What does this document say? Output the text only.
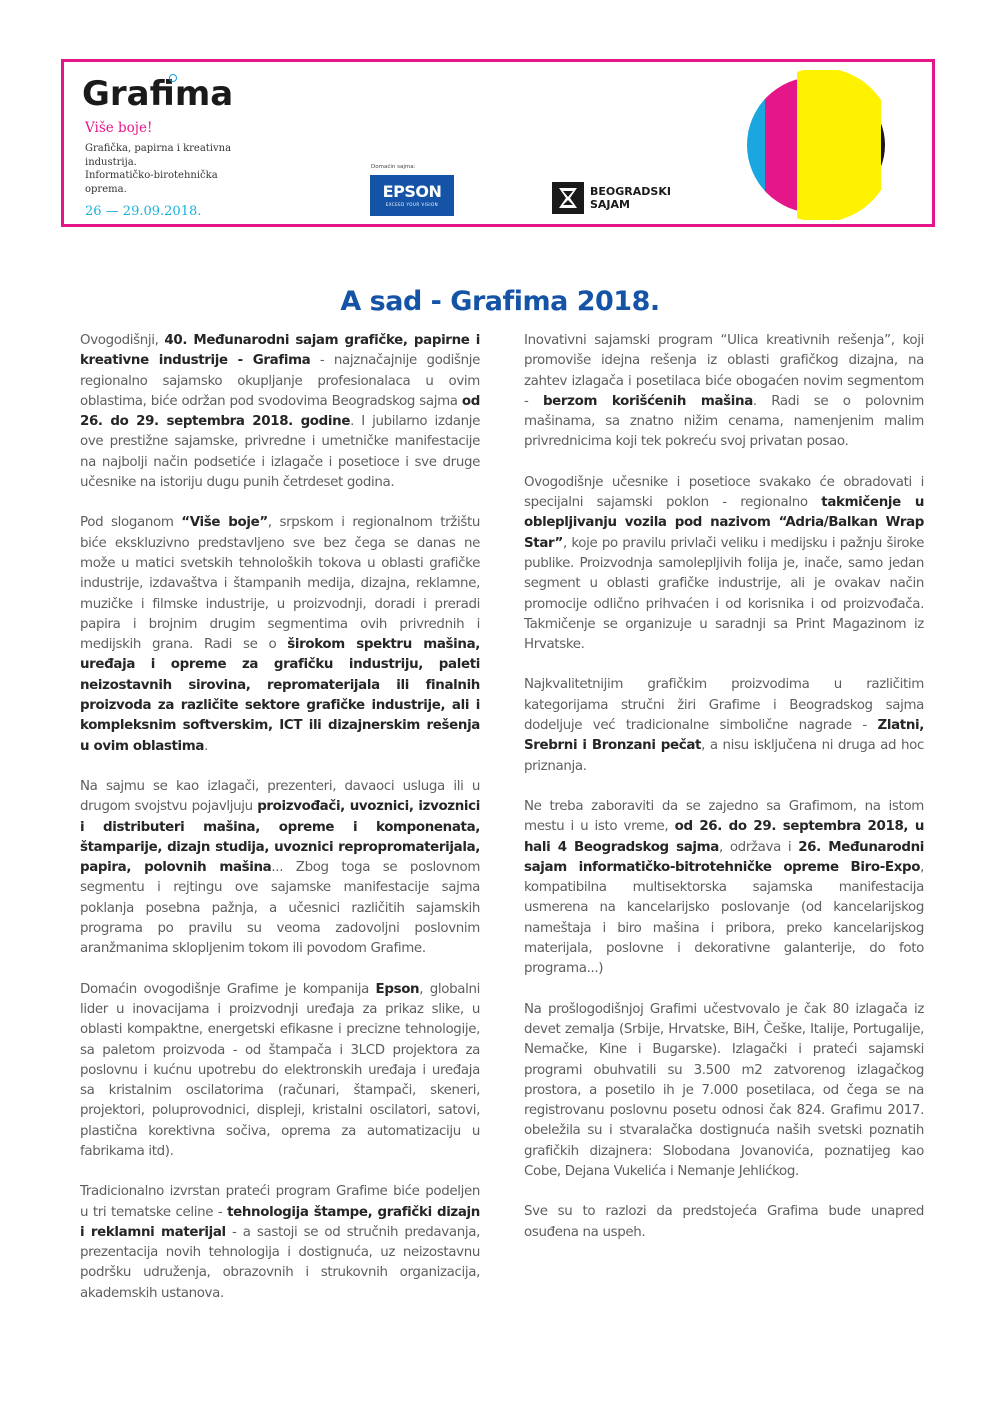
Grafima
Više boje!
Grafička, papirna i kreativna
industrija.
Informatičko-birotehnička
oprema.
26 — 29.09.2018.
Domaćin sajma:
EPSON
EXCEED YOUR VISION
BEOGRADSKI
SAJAM
A sad - Grafima 2018.

Ovogodišnji, 40. Međunarodni sajam grafičke, papirne i kreativne industrije - Grafima - najznačajnije godišnje regionalno sajamsko okupljanje profesionalaca u ovim oblastima, biće održan pod svodovima Beogradskog sajma od 26. do 29. septembra 2018. godine. I jubilarno izdanje ove prestižne sajamske, privredne i umetničke manifestacije na najbolji način podsetiće i izlagače i posetioce i sve druge učesnike na istoriju dugu punih četrdeset godina.

Pod sloganom “Više boje”, srpskom i regionalnom tržištu biće ekskluzivno predstavljeno sve bez čega se danas ne može u matici svetskih tehnoloških tokova u oblasti grafičke industrije, izdavaštva i štampanih medija, dizajna, reklamne, muzičke i filmske industrije, u proizvodnji, doradi i preradi papira i brojnim drugim segmentima ovih privrednih i medijskih grana. Radi se o širokom spektru mašina, uređaja i opreme za grafičku industriju, paleti neizostavnih sirovina, repromaterijala ili finalnih proizvoda za različite sektore grafičke industrije, ali i kompleksnim softverskim, ICT ili dizajnerskim rešenja u ovim oblastima.

Na sajmu se kao izlagači, prezenteri, davaoci usluga ili u drugom svojstvu pojavljuju proizvođači, uvoznici, izvoznici i distributeri mašina, opreme i komponenata, štamparije, dizajn studija, uvoznici repropromaterijala, papira, polovnih mašina... Zbog toga se poslovnom segmentu i rejtingu ove sajamske manifestacije sajma poklanja posebna pažnja, a učesnici različitih sajamskih programa po pravilu su veoma zadovoljni poslovnim aranžmanima sklopljenim tokom ili povodom Grafime.

Domaćin ovogodišnje Grafime je kompanija Epson, globalni lider u inovacijama i proizvodnji uređaja za prikaz slike, u oblasti kompaktne, energetski efikasne i precizne tehnologije, sa paletom proizvoda - od štampača i 3LCD projektora za poslovnu i kućnu upotrebu do elektronskih uređaja i uređaja sa kristalnim oscilatorima (računari, štampači, skeneri, projektori, poluprovodnici, displeji, kristalni oscilatori, satovi, plastična korektivna sočiva, oprema za automatizaciju u fabrikama itd).

Tradicionalno izvrstan prateći program Grafime biće podeljen u tri tematske celine - tehnologija štampe, grafički dizajn i reklamni materijal - a sastoji se od stručnih predavanja, prezentacija novih tehnologija i dostignuća, uz neizostavnu podršku udruženja, obrazovnih i strukovnih organizacija, akademskih ustanova.

Inovativni sajamski program “Ulica kreativnih rešenja”, koji promoviše idejna rešenja iz oblasti grafičkog dizajna, na zahtev izlagača i posetilaca biće obogaćen novim segmentom - berzom korišćenih mašina. Radi se o polovnim mašinama, sa znatno nižim cenama, namenjenim malim privrednicima koji tek pokreću svoj privatan posao.

Ovogodišnje učesnike i posetioce svakako će obradovati i specijalni sajamski poklon - regionalno takmičenje u oblepljivanju vozila pod nazivom “Adria/Balkan Wrap Star”, koje po pravilu privlači veliku i medijsku i pažnju široke publike. Proizvodnja samolepljivih folija je, inače, samo jedan segment u oblasti grafičke industrije, ali je ovakav način promocije odlično prihvaćen i od korisnika i od proizvođača. Takmičenje se organizuje u saradnji sa Print Magazinom iz Hrvatske.

Najkvalitetnijim grafičkim proizvodima u različitim kategorijama stručni žiri Grafime i Beogradskog sajma dodeljuje već tradicionalne simbolične nagrade - Zlatni, Srebrni i Bronzani pečat, a nisu isključena ni druga ad hoc priznanja.

Ne treba zaboraviti da se zajedno sa Grafimom, na istom mestu i u isto vreme, od 26. do 29. septembra 2018, u hali 4 Beogradskog sajma, održava i 26. Međunarodni sajam informatičko-bitrotehničke opreme Biro-Expo, kompatibilna multisektorska sajamska manifestacija usmerena na kancelarijsko poslovanje (od kancelarijskog nameštaja i biro mašina i pribora, preko kancelarijskog materijala, poslovne i dekorativne galanterije, do foto programa...)

Na prošlogodišnjoj Grafimi učestvovalo je čak 80 izlagača iz devet zemalja (Srbije, Hrvatske, BiH, Češke, Italije, Portugalije, Nemačke, Kine i Bugarske). Izlagački i prateći sajamski programi obuhvatili su 3.500 m2 zatvorenog izlagačkog prostora, a posetilo ih je 7.000 posetilaca, od čega se na registrovanu poslovnu posetu odnosi čak 824. Grafimu 2017. obeležila su i stvaralačka dostignuća naših svetski poznatih grafičkih dizajnera: Slobodana Jovanovića, poznatijeg kao Cobe, Dejana Vukelića i Nemanje Jehlićkog.

Sve su to razlozi da predstojeća Grafima bude unapred osuđena na uspeh.
